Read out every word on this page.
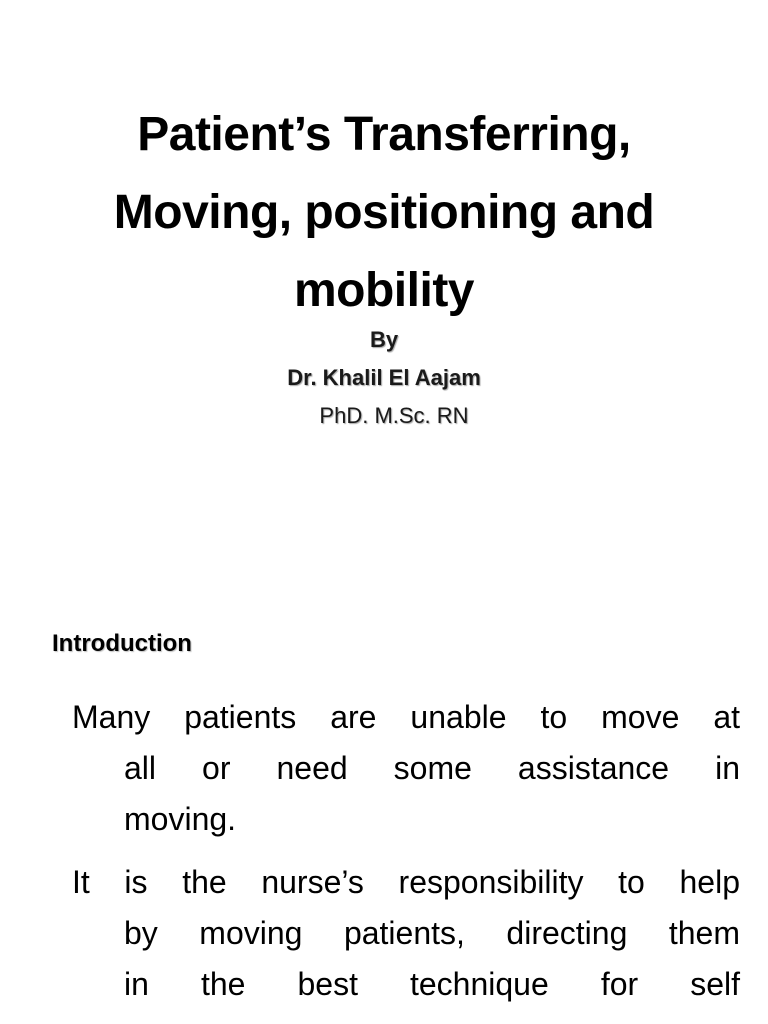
Patient’s Transferring,
Moving, positioning and
mobility
By
Dr. Khalil El Aajam
PhD. M.Sc. RN
Introduction
Many patients are unable to move at
all or need some assistance in
moving.
It is the nurse’s responsibility to help
by moving patients, directing them
in the best technique for self
